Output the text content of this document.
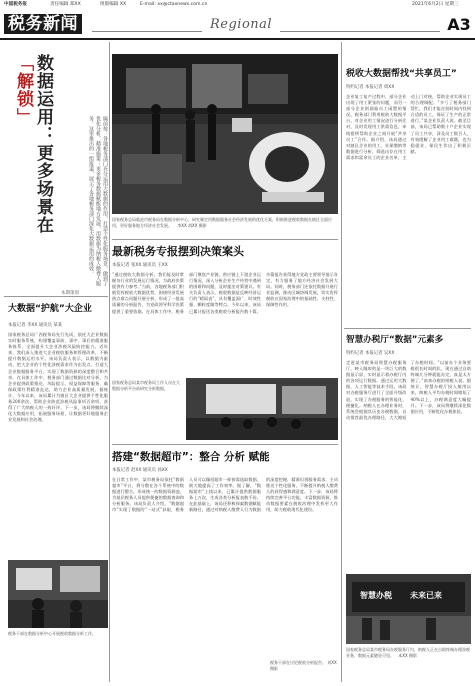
中国税务报	责任编辑 郑XX	组版编辑 XX	E-mail: xx@ctaxnews.com.cn	2021年6月2日 星期三
税务新闻	Regional	A3
数据运用：更多场景在「解锁」
编前按：各地税务部门充分运用大数据的作用，打造个性化服务场景，做到了优化分析、精准施策；更多税务数据赋能地方发展，用数据为纳税人缴费人服务。这里推出的一组报道，展示了各地税务部门深化大数据运用的成效。
本期策划
国家税务总局临沧市税务局在数据分析中心，研究制定用数据服务社会经济发展的优化方案，积极推进税收数据在辖区全面应用，更好服务地方经济社会发展。 李XX 胡XX 摄影
税收大数据帮找“共享员工”
特约记者 本报记者 周XX
企业复工复产过程中，部分企业出现了用工紧张的问题，而另一部分企业则面临员工闲置的情况。税务部门利用税收大数据平台，对企业用工情况进行分析比对，及时发现用工供需信息，牵线搭桥帮助企业之间开展“共享员工”合作。据介绍，该局通过对辖区企业的用工、社保缴纳等数据进行分析，筛选出存在用工需求和富余员工的企业名单，主动上门对接，帮助企业实现员工的合理调配。“多亏了税务部门帮忙，我们才能在短时间内找到合适的员工，保证了生产的正常进行。”某企业负责人说。截至目前，该局已帮助数十户企业实现了员工共享，涉及员工数百人，有效缓解了企业用工难题，也为稳就业、保民生作出了积极贡献。
大数据“护航”大企业
本报记者 李XX 通讯员 某某
国家税务总局广西税务局先行先试，依托大企业数据实时服务系统，构建覆盖事前、事中、事后的精准服务体系，全面提升大企业涉税风险防控能力。近年来，我们深入推进大企业税收服务和管理改革，不断提升数据运用水平。该局负责人表示，以数据为驱动，把大企业的个性化涉税需求作为出发点，打造大企业数据服务平台，实现了数据资源的深度整合和共享。在具体工作中，税务部门通过数据比对分析，为企业提供政策推送、风险提示、权益保障等服务，确保政策红利精准直达，助力企业高质量发展。据统计，今年以来，该局累计为辖区大企业提供个性化服务200余次，帮助企业防范涉税风险事项百余项，获得了广大纳税人的一致好评。下一步，该局将继续深化大数据应用，拓展服务场景，让数据更好地服务企业发展和社会治理。
税务干部在数据分析中心开展税收数据分析工作。
最新税务专报摆到决策案头
本报记者 张XX 通讯员 王XX
“通过税收大数据分析，我们能及时掌握各行业的发展运行情况，为政府决策提供有力参考。”当前，各地税务部门积极发挥税收大数据优势，围绕经济发展热点难点问题开展分析，形成了一批高质量的分析报告，为党政领导科学决策提供了重要依据。在具体工作中，税务部门聚焦产业链、供应链上下游企业运行情况，深入分析企业生产经营中遇到的困难和问题，及时提出对策建议。有关负责人表示，税收数据是反映经济运行的“晴雨表”，具有覆盖面广、时效性强、颗粒度细等特点。今年以来，该局已累计报送各类税收分析报告数十篇，多篇报告获得地方党政主要领导批示肯定，有力服务了地方经济社会发展大局。同时，税务部门还依托数据开展行业监测，推动区域协调发展，切实发挥税收在国家治理中的基础性、支柱性、保障性作用。
国家税务总局某市税务局工作人员在大数据分析平台前研究分析数据。
搭建“数据超市”：整合 分析 赋能
本报记者 赵XX 通讯员 孙XX
在日常工作中，某市税务局依托“数据超市”平台，将分散在各个系统中的数据进行整合，形成统一的数据资源池，为基层税务人员提供便捷的数据查询和分析服务。该局负责人介绍，“数据超市”实现了数据的“一站式”获取，税务人员可以像逛超市一样按需选取数据，极大地提高了工作效率。据了解，“数据超市”上线以来，已累计提供数据服务上万次，生成各类分析报表数千份。在此基础上，该局还积极探索数据赋能新路径，通过对纳税人缴费人行为数据的深度挖掘，精准识别服务需求，主动推送个性化服务，不断提升纳税人缴费人的获得感和满意度。下一步，该局将持续完善平台功能，丰富数据资源，推动数据要素在税收治理中发挥更大作用，助力税收现代化建设。
智慧办税厅“数据”元素多
特约记者 本报记者 吴XX
走进某市税务局智慧办税服务厅，映入眼帘的是一块巨大的数据显示屏，实时显示着办税厅内的各项运行数据。通过运用大数据、人工智能等技术手段，该局对办税服务厅进行了全面升级改造，实现了办税服务的智能化、便捷化。纳税人在办理业务时，系统会根据其历史办税数据，自动推荐最优办理路径，大大缩短了办税时间。“以前办个业务要排很长时间的队，现在通过自助终端几分钟就能办完，真是太方便了。”前来办税的纳税人说。据统计，智慧办税厅投入使用以来，纳税人平均办税时间缩短了40%以上，办税满意度大幅提升。下一步，该局将继续深化数据应用，不断优化办税体验。
智慧办税 未来已来
国家税务总局某市税务局办税服务厅内，纳税人正在自助终端办理涉税业务，数据元素随处可见。 本XX 摄影
税务干部在讨论税收分析报告。 刘XX 摄影
